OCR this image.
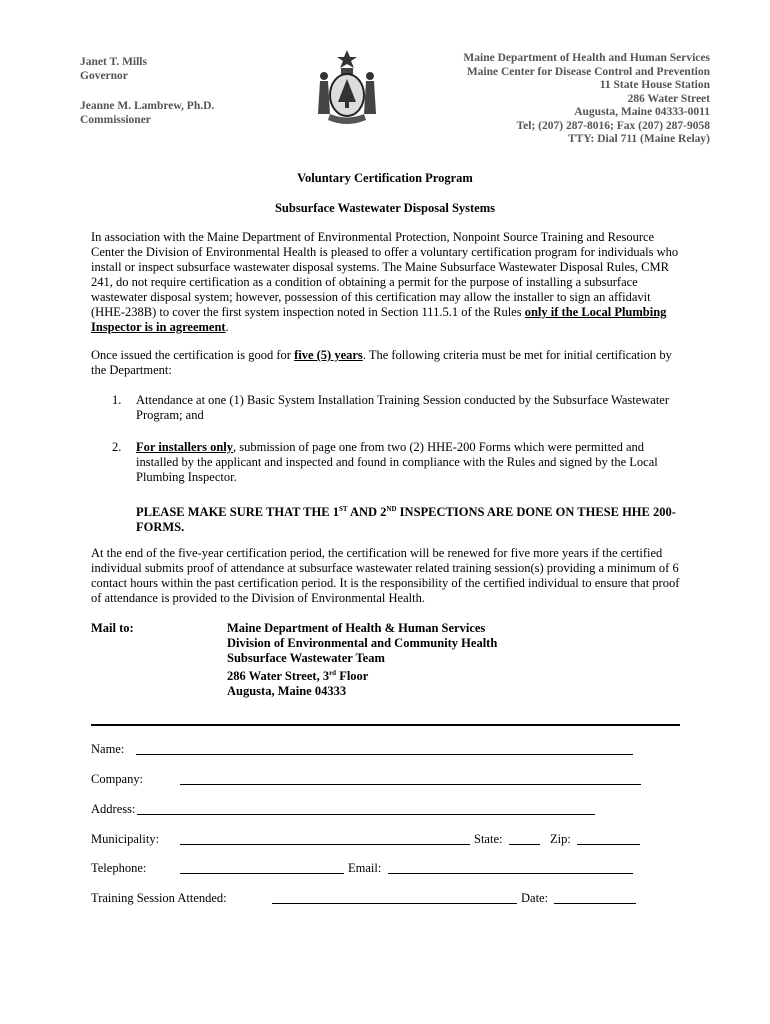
Janet T. Mills
Governor
Jeanne M. Lambrew, Ph.D.
Commissioner
Maine Department of Health and Human Services
Maine Center for Disease Control and Prevention
11 State House Station
286 Water Street
Augusta, Maine 04333-0011
Tel; (207) 287-8016; Fax (207) 287-9058
TTY: Dial 711 (Maine Relay)
Voluntary Certification Program
Subsurface Wastewater Disposal Systems
In association with the Maine Department of Environmental Protection, Nonpoint Source Training and Resource Center the Division of Environmental Health is pleased to offer a voluntary certification program for individuals who install or inspect subsurface wastewater disposal systems. The Maine Subsurface Wastewater Disposal Rules, CMR 241, do not require certification as a condition of obtaining a permit for the purpose of installing a subsurface wastewater disposal system; however, possession of this certification may allow the installer to sign an affidavit (HHE-238B) to cover the first system inspection noted in Section 111.5.1 of the Rules only if the Local Plumbing Inspector is in agreement.
Once issued the certification is good for five (5) years. The following criteria must be met for initial certification by the Department:
1. Attendance at one (1) Basic System Installation Training Session conducted by the Subsurface Wastewater Program; and
2. For installers only, submission of page one from two (2) HHE-200 Forms which were permitted and installed by the applicant and inspected and found in compliance with the Rules and signed by the Local Plumbing Inspector.
PLEASE MAKE SURE THAT THE 1ST AND 2ND INSPECTIONS ARE DONE ON THESE HHE 200-FORMS.
At the end of the five-year certification period, the certification will be renewed for five more years if the certified individual submits proof of attendance at subsurface wastewater related training session(s) providing a minimum of 6 contact hours within the past certification period. It is the responsibility of the certified individual to ensure that proof of attendance is provided to the Division of Environmental Health.
Mail to:	Maine Department of Health & Human Services
Division of Environmental and Community Health
Subsurface Wastewater Team
286 Water Street, 3rd Floor
Augusta, Maine 04333
Name:
Company:
Address:
Municipality:	State:	Zip:
Telephone:	Email:
Training Session Attended:	Date:
